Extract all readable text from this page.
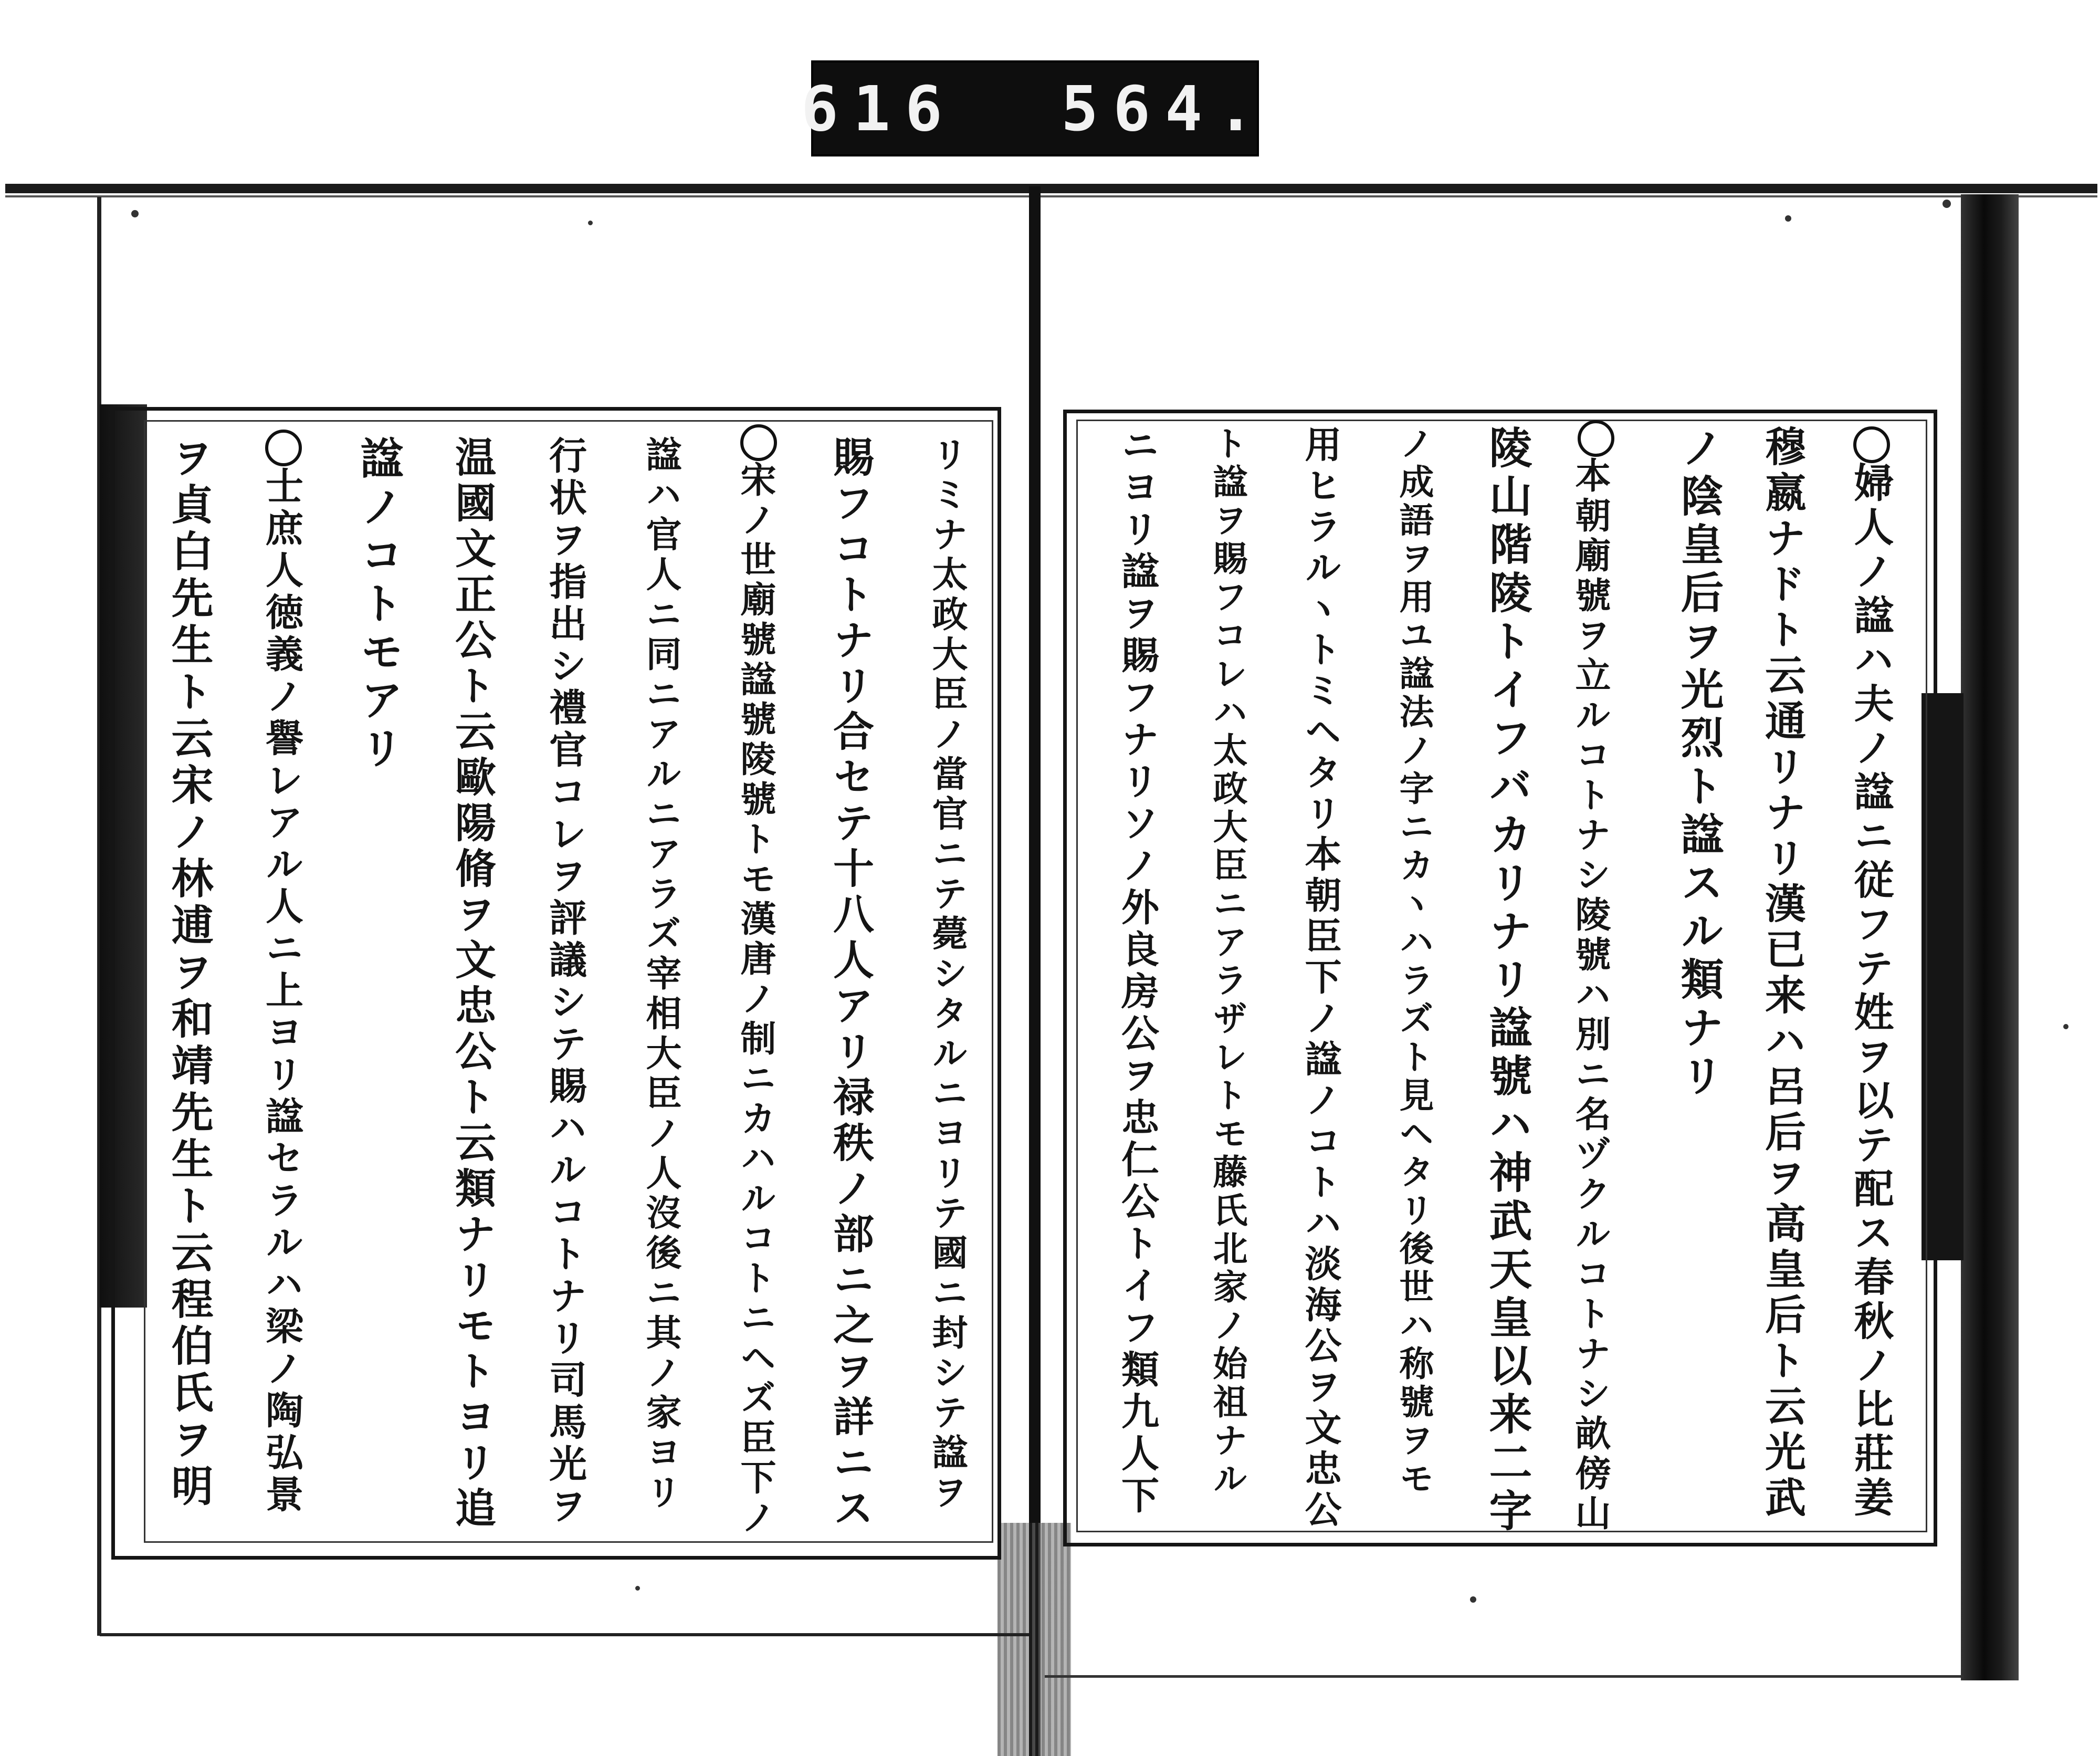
616  564.
婦人ノ諡ハ夫ノ諡ニ従フテ姓ヲ以テ配ス春秋ノ比莊姜
穆嬴ナドト云通リナリ漢已来ハ呂后ヲ高皇后ト云光武
ノ陰皇后ヲ光烈ト諡スル類ナリ
本朝廟號ヲ立ルコトナシ陵號ハ別ニ名ヅクルコトナシ畝傍山
陵山階陵トイフバカリナリ諡號ハ神武天皇以来二字
ノ成語ヲ用ユ諡法ノ字ニカヽハラズト見ヘタリ後世ハ称號ヲモ
用ヒラルヽトミヘタリ本朝臣下ノ諡ノコトハ淡海公ヲ文忠公
ト諡ヲ賜フコレハ太政大臣ニアラザレトモ藤氏北家ノ始祖ナル
ニヨリ諡ヲ賜フナリソノ外良房公ヲ忠仁公トイフ類九人下
リミナ太政大臣ノ當官ニテ薨シタルニヨリテ國ニ封シテ諡ヲ
賜フコトナリ合セテ十八人アリ禄秩ノ部ニ之ヲ詳ニス
宋ノ世廟號諡號陵號トモ漢唐ノ制ニカハルコトニヘズ臣下ノ
諡ハ官人ニ同ニアルニアラズ宰相大臣ノ人沒後ニ其ノ家ヨリ
行状ヲ指出シ禮官コレヲ評議シテ賜ハルコトナリ司馬光ヲ
温國文正公ト云歐陽脩ヲ文忠公ト云類ナリモトヨリ追
諡ノコトモアリ
士庶人徳義ノ譽レアル人ニ上ヨリ諡セラルハ梁ノ陶弘景
ヲ貞白先生ト云宋ノ林逋ヲ和靖先生ト云程伯氏ヲ明
